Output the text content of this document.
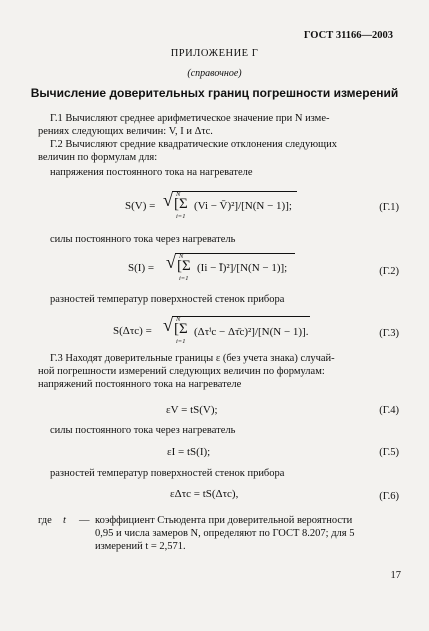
ГОСТ 31166—2003
ПРИЛОЖЕНИЕ Г
(справочное)
Вычисление доверительных границ погрешности измерений
Г.1 Вычисляют среднее арифметическое значение при N изме-
рениях следующих величин: V, I и Δτc.
Г.2 Вычисляют средние квадратические отклонения следующих
величин по формулам для:
напряжения постоянного тока на нагревателе
S(V) = √ N
[Σ
i=1
(Vi − V̄)²]/[N(N − 1)];	(Г.1)
силы постоянного тока через нагреватель
S(I) = √ N
[Σ
i=1
(Ii − Ī)²]/[N(N − 1)];	(Г.2)
разностей температур поверхностей стенок прибора
S(Δτc) = √ N
[Σ
i=1
(Δτⁱc − Δτ̄c)²]/[N(N − 1)].	(Г.3)
Г.3 Находят доверительные границы ε (без учета знака) случай-
ной погрешности измерений следующих величин по формулам:
напряжений постоянного тока на нагревателе
εV = tS(V);	(Г.4)
силы постоянного тока через нагреватель
εI = tS(I);	(Г.5)
разностей температур поверхностей стенок прибора
εΔτc = tS(Δτc),	(Г.6)
где t — коэффициент Стьюдента при доверительной вероятности
0,95 и числа замеров N, определяют по ГОСТ 8.207; для 5
измерений t = 2,571.
17
